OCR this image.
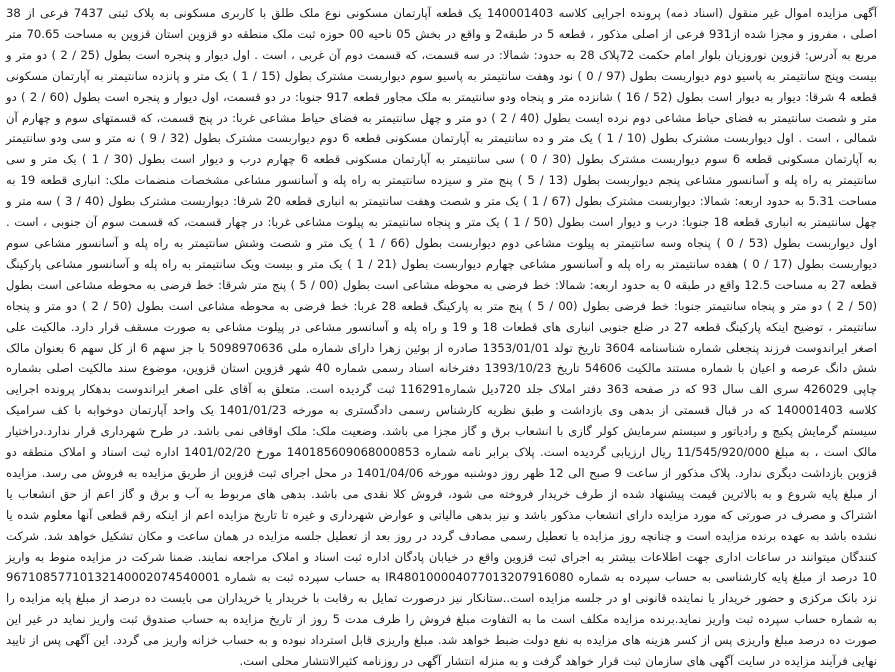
آگهی مزایده اموال غیر منقول (اسناد ذمه) پرونده اجرایی کلاسه 140001403 یک قطعه آپارتمان مسکونی نوع ملک طلق با کاربری مسکونی به پلاک ثبتی 7437 فرعی از 38 اصلی ، مفروز و مجزا شده از931 فرعی از اصلی مذکور ، قطعه 5 در طبقه2 و واقع در بخش 05 ناحیه 00 حوزه ثبت ملک منطقه دو قزوین استان قزوین به مساحت 70.65 متر مربع به آدرس: قزوین نوروزیان بلوار امام حکمت 72پلاک 28 به حدود: شمالا: در سه قسمت، که قسمت دوم آن غربی ، است . اول دیوار و پنجره است بطول (25 / 2 ) دو متر و بیست وپنج سانتیمتر به پاسیو دوم دیواربست بطول (97 / 0 ) نود وهفت سانتیمتر به پاسیو سوم دیواربست مشترک بطول (15 / 1 ) یک متر و پانزده سانتیمتر به آپارتمان مسکونی قطعه 4 شرقا: دیوار به دیوار است بطول (52 / 16 ) شانزده متر و پنجاه ودو سانتیمتر به ملک مجاور قطعه 917 جنوبا: در دو قسمت، اول دیوار و پنجره است بطول (60 / 2 ) دو متر و شصت سانتیمتر به فضای حیاط مشاعی دوم نرده ایست بطول (40 / 2 ) دو متر و چهل سانتیمتر به فضای حیاط مشاعی غربا: در پنج قسمت، که قسمتهای سوم و چهارم آن شمالی ، است . اول دیواربست مشترک بطول (10 / 1 ) یک متر و ده سانتیمتر به آپارتمان مسکونی قطعه 6 دوم دیواربست مشترک بطول (32 / 9 ) نه متر و سی ودو سانتیمتر به آپارتمان مسکونی قطعه 6 سوم دیواربست مشترک بطول (30 / 0 ) سی سانتیمتر به آپارتمان مسکونی قطعه 6 چهارم درب و دیوار است بطول (30 / 1 ) یک متر و سی سانتیمتر به راه پله و آسانسور مشاعی پنجم دیواربست بطول (13 / 5 ) پنج متر و سیزده سانتیمتر به راه پله و آسانسور مشاعی مشخصات منضمات ملک: انباری قطعه 19 به مساحت 5.31 به حدود اربعه: شمالا: دیواربست مشترک بطول (67 / 1 ) یک متر و شصت وهفت سانتیمتر به انباری قطعه 20 شرقا: دیواربست مشترک بطول (40 / 3 ) سه متر و چهل سانتیمتر به انباری قطعه 18 جنوبا: درب و دیوار است بطول (50 / 1 ) یک متر و پنجاه سانتیمتر به پیلوت مشاعی غربا: در چهار قسمت، که قسمت سوم آن جنوبی ، است . اول دیواربست بطول (53 / 0 ) پنجاه وسه سانتیمتر به پیلوت مشاعی دوم دیواربست بطول (66 / 1 ) یک متر و شصت وشش سانتیمتر به راه پله و آسانسور مشاعی سوم دیواربست بطول (17 / 0 ) هفده سانتیمتر به راه پله و آسانسور مشاعی چهارم دیواربست بطول (21 / 1 ) یک متر و بیست ویک سانتیمتر به راه پله و آسانسور مشاعی پارکینگ قطعه 27 به مساحت 12.5 واقع در طبقه 0 به حدود اربعه: شمالا: خط فرضی به محوطه مشاعی است بطول (00 / 5 ) پنج متر شرقا: خط فرضی به محوطه مشاعی است بطول (50 / 2 ) دو متر و پنجاه سانتیمتر جنوبا: خط فرضی بطول (00 / 5 ) پنج متر به پارکینگ قطعه 28 غربا: خط فرضی به محوطه مشاعی است بطول (50 / 2 ) دو متر و پنجاه سانتیمتر ، توضیح اینکه پارکینگ قطعه 27 در ضلع جنوبی انباری های قطعات 18 و 19 و راه پله و آسانسور مشاعی در پیلوت مشاعی به صورت مسقف قرار دارد. مالکیت علی اصغر ایراندوست فرزند پنجعلی شماره شناسنامه 3604 تاریخ تولد 1353/01/01 صادره از بوئین زهرا دارای شماره ملی 5098970636 با جز سهم 6 از کل سهم 6 بعنوان مالک شش دانگ عرصه و اعیان با شماره مستند مالکیت 54606 تاریخ 1393/10/23 دفترخانه اسناد رسمی شماره 40 شهر قزوین استان قزوین، موضوع سند مالکیت اصلی بشماره چاپی 426029 سری الف سال 93 که در صفحه 363 دفتر املاک جلد 720دیل شماره116291 ثبت گردیده است. متعلق به آقای علی اصغر ایراندوست بدهکار پرونده اجرایی کلاسه 140001403 که در قبال قسمتی از بدهی وی بازداشت و طبق نظریه کارشناس رسمی دادگستری به مورخه 1401/01/23 یک واحد آپارتمان دوخوابه با کف سرامیک سیستم گرمایش پکیج و رادیاتور و سیستم سرمایش کولر گازی با انشعاب برق و گاز مجزا می باشد. وضعیت ملک: ملک اوقافی نمی باشد. در طرح شهرداری قرار ندارد.دراختیار مالک است ، به مبلغ 11/545/920/000 ریال ارزیابی گردیده است. پلاک برابر نامه شماره 140185609068000853 مورخ 1401/02/20 اداره ثبت اسناد و املاک منطقه دو قزوین بازداشت دیگری ندارد. پلاک مذکور از ساعت 9 صبح الی 12 ظهر روز دوشنبه مورخه 1401/04/06 در محل اجرای ثبت قزوین از طریق مزایده به فروش می رسد. مزایده از مبلغ پایه شروع و به بالاترین قیمت پیشنهاد شده از طرف خریدار فروخته می شود، فروش کلا نقدی می باشد. بدهی های مربوط به آب و برق و گاز اعم از حق انشعاب یا اشتراک و مصرف در صورتی که مورد مزایده دارای انشعاب مذکور باشد و نیز بدهی مالیاتی و عوارض شهرداری و غیره تا تاریخ مزایده اعم از اینکه رقم قطعی آنها معلوم شده یا نشده باشد به عهده برنده مزایده است و چنانچه روز مزایده با تعطیل رسمی مصادف گردد در روز بعد از تعطیل جلسه مزایده در همان ساعت و مکان تشکیل خواهد شد. شرکت کنندگان میتوانند در ساعات اداری جهت اطلاعات بیشتر به اجرای ثبت قزوین واقع در خیابان پادگان اداره ثبت اسناد و املاک مراجعه نمایند. ضمنا شرکت در مزایده منوط به واریز 10 درصد از مبلغ پایه کارشناسی به حساب سپرده به شماره IR480100004077013207916080 به حساب سپرده ثبت به شماره 96710857710132140002074540001 نزد بانک مرکزی و حضور خریدار یا نماینده قانونی او در جلسه مزایده است..ستانکار نیز درصورت تمایل به رقابت با خریدار یا خریداران می بایست ده درصد از مبلغ پایه مزایده را به شماره حساب سپرده ثبت واریز نماید.برنده مزایده مکلف است ما به التفاوت مبلغ فروش را ظرف مدت 5 روز از تاریخ مزایده به حساب صندوق ثبت واریز نماید در غیر این صورت ده درصد مبلغ واریزی پس از کسر هزینه های مزایده به نفع دولت ضبط خواهد شد. مبلغ واریزی قابل استرداد نبوده و به حساب خزانه واریز می گردد. این آگهی پس از تایید نهایی فرآیند مزایده در سایت آگهی های سازمان ثبت قرار خواهد گرفت و به منزله انتشار آگهی در روزنامه کثیرالانتشار محلی است.
